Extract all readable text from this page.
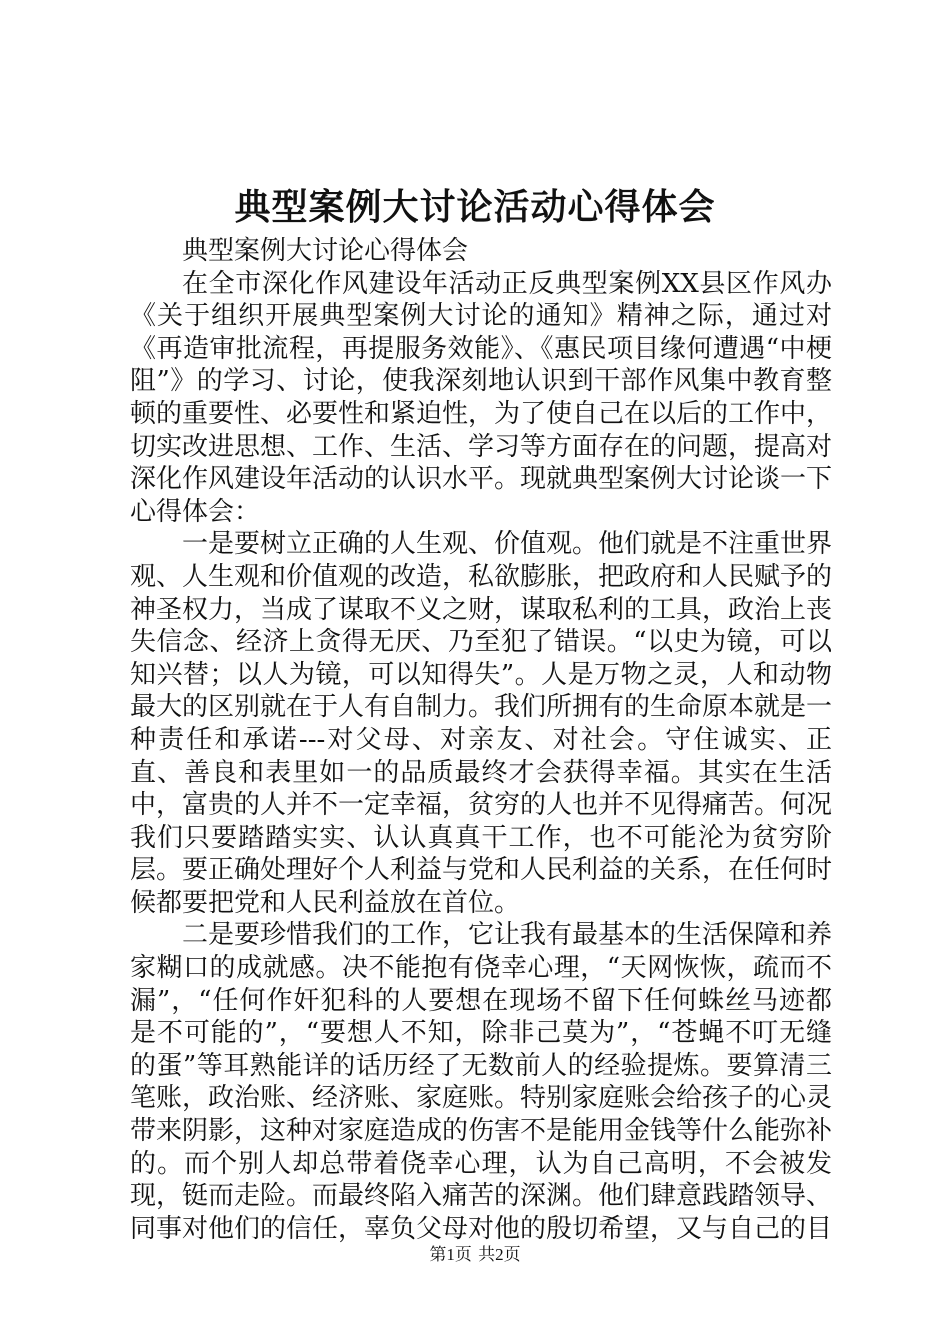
典型案例大讨论活动心得体会

典型案例大讨论心得体会

在全市深化作风建设年活动正反典型案例XX县区作风办《关于组织开展典型案例大讨论的通知》精神之际，通过对《再造审批流程，再提服务效能》、《惠民项目缘何遭遇“中梗阻”》的学习、讨论，使我深刻地认识到干部作风集中教育整顿的重要性、必要性和紧迫性，为了使自己在以后的工作中，切实改进思想、工作、生活、学习等方面存在的问题，提高对深化作风建设年活动的认识水平。现就典型案例大讨论谈一下心得体会：

一是要树立正确的人生观、价值观。他们就是不注重世界观、人生观和价值观的改造，私欲膨胀，把政府和人民赋予的神圣权力，当成了谋取不义之财，谋取私利的工具，政治上丧失信念、经济上贪得无厌、乃至犯了错误。“以史为镜，可以知兴替；以人为镜，可以知得失”。人是万物之灵，人和动物最大的区别就在于人有自制力。我们所拥有的生命原本就是一种责任和承诺---对父母、对亲友、对社会。守住诚实、正直、善良和表里如一的品质最终才会获得幸福。其实在生活中，富贵的人并不一定幸福，贫穷的人也并不见得痛苦。何况我们只要踏踏实实、认认真真干工作，也不可能沦为贫穷阶层。要正确处理好个人利益与党和人民利益的关系，在任何时候都要把党和人民利益放在首位。

二是要珍惜我们的工作，它让我有最基本的生活保障和养家糊口的成就感。决不能抱有侥幸心理，“天网恢恢，疏而不漏”，“任何作奸犯科的人要想在现场不留下任何蛛丝马迹都是不可能的”，“要想人不知，除非己莫为”，“苍蝇不叮无缝的蛋”等耳熟能详的话历经了无数前人的经验提炼。要算清三笔账，政治账、经济账、家庭账。特别家庭账会给孩子的心灵带来阴影，这种对家庭造成的伤害不是能用金钱等什么能弥补的。而个别人却总带着侥幸心理，认为自己高明，不会被发现，铤而走险。而最终陷入痛苦的深渊。他们肆意践踏领导、同事对他们的信任，辜负父母对他的殷切希望，又与自己的目

第1页 共2页
